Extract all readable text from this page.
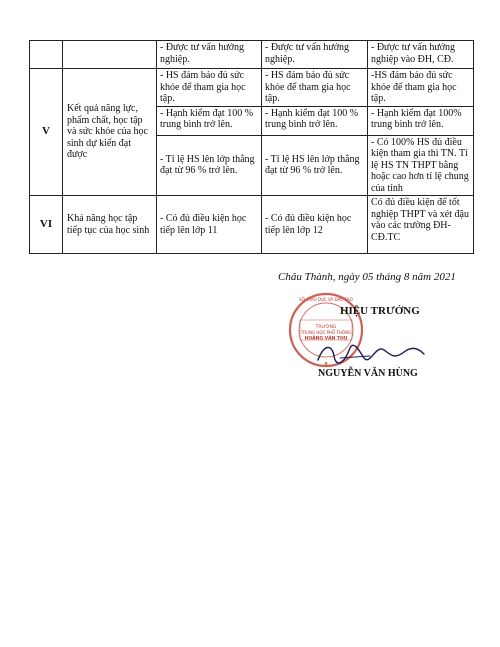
		- Được tư vấn hướng nghiệp.	- Được tư vấn hướng nghiệp.	- Được tư vấn hướng nghiệp vào ĐH, CĐ.
V	Kết quả năng lực, phẩm chất, học tập và sức khỏe của học sinh dự kiến đạt được	- HS đảm bảo đủ sức khỏe để tham gia học tập.	- HS đảm bảo đủ sức khỏe để tham gia học tập.	-HS đảm bảo đủ sức khỏe để tham gia học tập.
		- Hạnh kiểm đạt 100 % trung bình trở lên.	- Hạnh kiểm đạt 100 % trung bình trở lên.	- Hạnh kiểm đạt 100% trung bình trở lên.
		- Tỉ lệ HS lên lớp thẳng đạt từ 96 % trở lên.	- Tỉ lệ HS lên lớp thẳng đạt từ 96 % trở lên.	- Có 100% HS đủ điều kiện tham gia thi TN. Tỉ lệ HS TN THPT bằng hoặc cao hơn tỉ lệ chung của tỉnh
VI	Khả năng học tập tiếp tục của học sinh	- Có đủ điều kiện học tiếp lên lớp 11	- Có đủ điều kiện học tiếp lên lớp 12	Có đủ điều kiện để tốt nghiệp THPT và xét đậu vào các trường ĐH-CĐ.TC
Châu Thành, ngày 05 tháng 8 năm 2021
TRƯỜNG
TRUNG HỌC PHỔ THÔNG
HOÀNG VĂN THỤ
SỞ GIÁO DỤC VÀ ĐÀO TẠO
★
HIỆU TRƯỞNG
NGUYỄN VĂN HÙNG
